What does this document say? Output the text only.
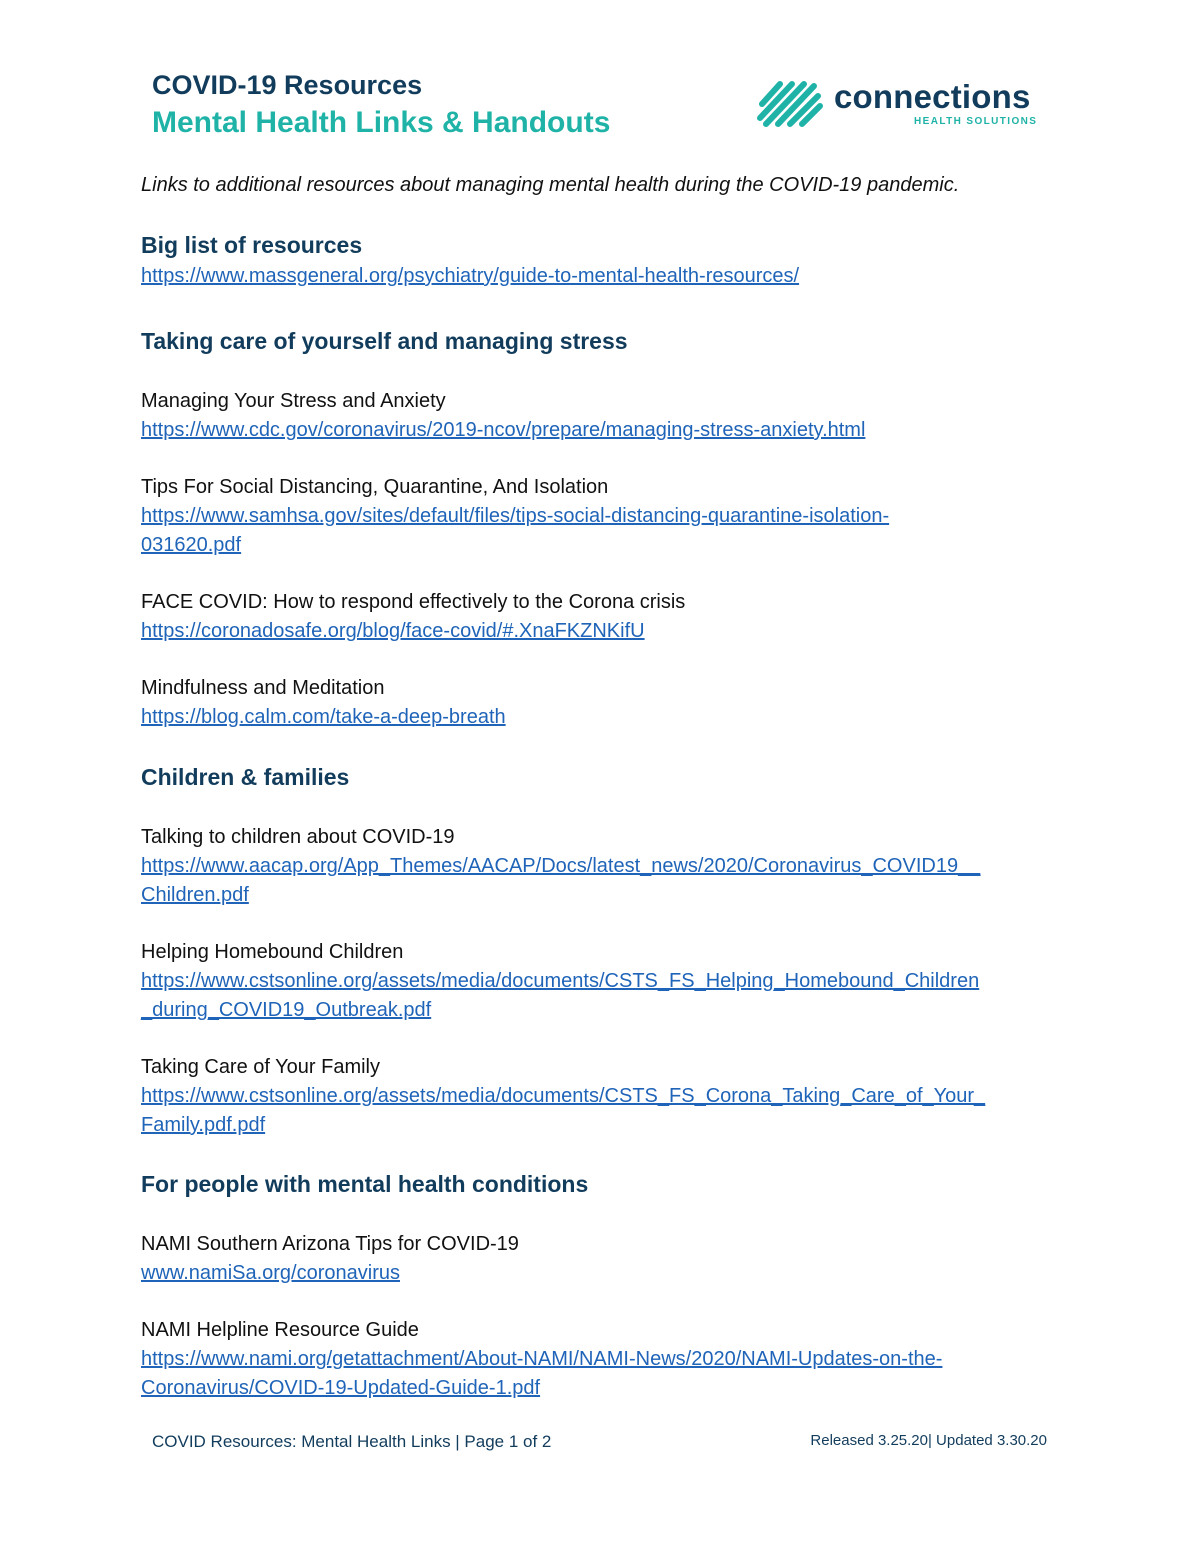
COVID-19 Resources
Mental Health Links & Handouts
connections
HEALTH SOLUTIONS
Links to additional resources about managing mental health during the COVID-19 pandemic.
Big list of resources
https://www.massgeneral.org/psychiatry/guide-to-mental-health-resources/
Taking care of yourself and managing stress
Managing Your Stress and Anxiety
https://www.cdc.gov/coronavirus/2019-ncov/prepare/managing-stress-anxiety.html
Tips For Social Distancing, Quarantine, And Isolation
https://www.samhsa.gov/sites/default/files/tips-social-distancing-quarantine-isolation-
031620.pdf
FACE COVID: How to respond effectively to the Corona crisis
https://coronadosafe.org/blog/face-covid/#.XnaFKZNKifU
Mindfulness and Meditation
https://blog.calm.com/take-a-deep-breath
Children & families
Talking to children about COVID-19
https://www.aacap.org/App_Themes/AACAP/Docs/latest_news/2020/Coronavirus_COVID19__
Children.pdf
Helping Homebound Children
https://www.cstsonline.org/assets/media/documents/CSTS_FS_Helping_Homebound_Children
_during_COVID19_Outbreak.pdf
Taking Care of Your Family
https://www.cstsonline.org/assets/media/documents/CSTS_FS_Corona_Taking_Care_of_Your_
Family.pdf.pdf
For people with mental health conditions
NAMI Southern Arizona Tips for COVID-19
www.namiSa.org/coronavirus
NAMI Helpline Resource Guide
https://www.nami.org/getattachment/About-NAMI/NAMI-News/2020/NAMI-Updates-on-the-
Coronavirus/COVID-19-Updated-Guide-1.pdf
COVID Resources: Mental Health Links | Page 1 of 2	Released 3.25.20| Updated 3.30.20
